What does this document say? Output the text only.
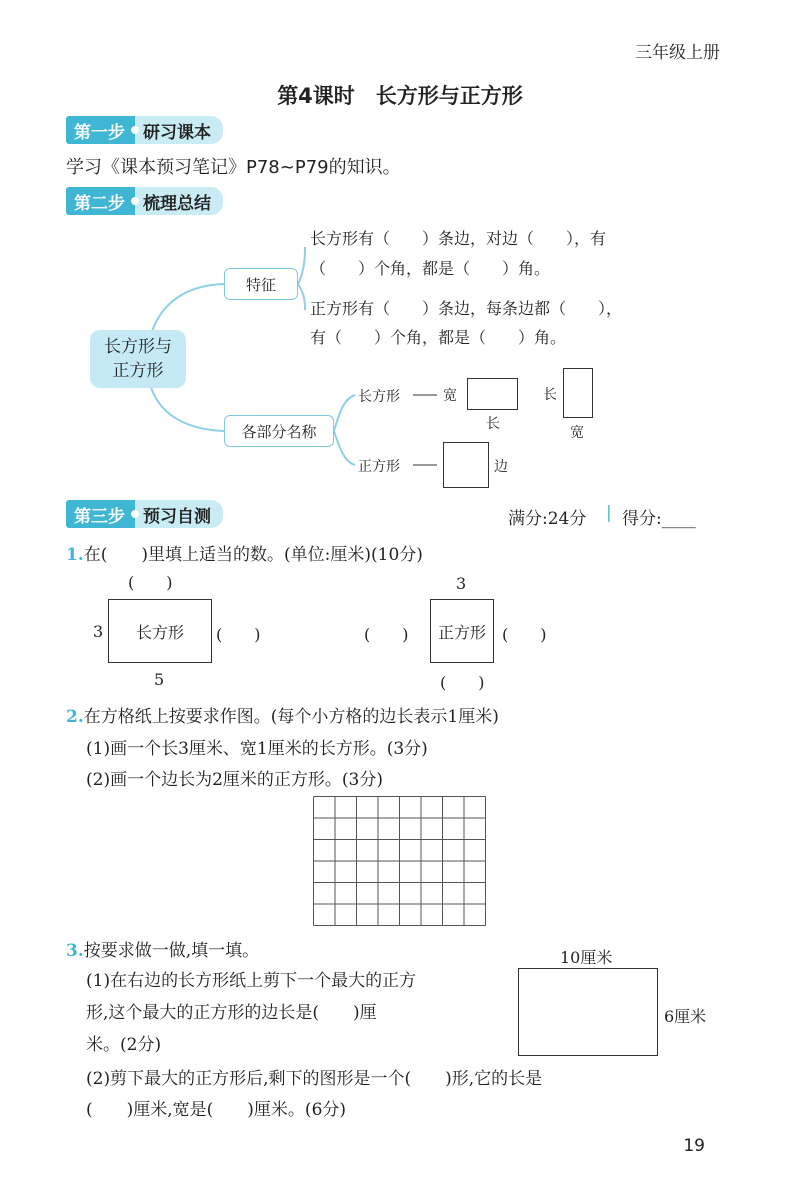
三年级上册
第4课时　长方形与正方形
第一步	研习课本
学习《课本预习笔记》P78~P79的知识。
第二步	梳理总结
长方形与
正方形
特征
各部分名称
长方形有（　　）条边，对边（　　），有
（　　）个角，都是（　　）角。
正方形有（　　）条边，每条边都（　　），
有（　　）个角，都是（　　）角。
长方形	宽
长
长
宽
正方形	边
第三步	预习自测	满分:24分 | 得分:____
1.在(　　)里填上适当的数。(单位:厘米)(10分)
(　　)
3 长方形 (　　)
5
3
(　　) 正方形 (　　)
(　　)
2.在方格纸上按要求作图。(每个小方格的边长表示1厘米)
(1)画一个长3厘米、宽1厘米的长方形。(3分)
(2)画一个边长为2厘米的正方形。(3分)
3.按要求做一做,填一填。
(1)在右边的长方形纸上剪下一个最大的正方
形,这个最大的正方形的边长是(　　)厘
米。(2分)
(2)剪下最大的正方形后,剩下的图形是一个(　　)形,它的长是
(　　)厘米,宽是(　　)厘米。(6分)
10厘米
6厘米
19
